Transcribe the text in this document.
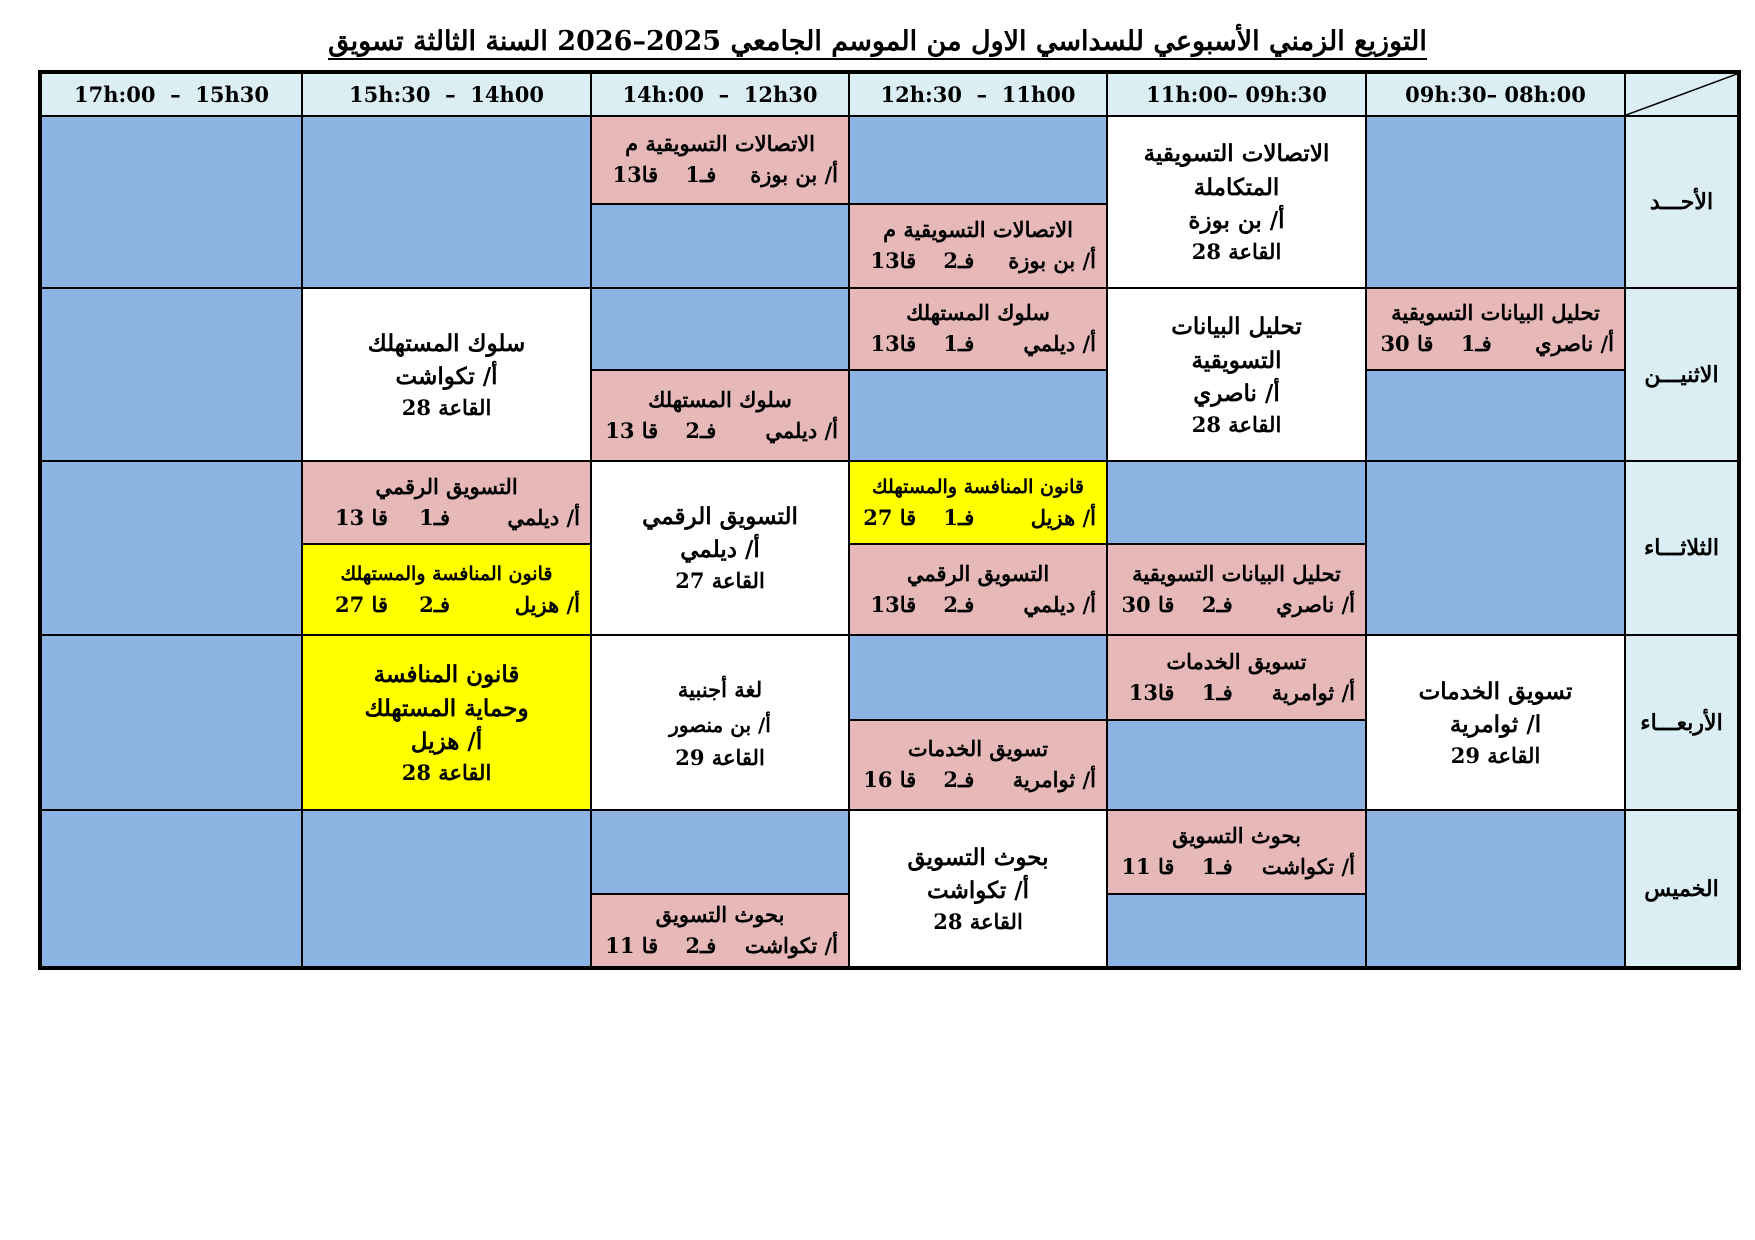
التوزيع الزمني الأسبوعي للسداسي الاول من الموسم الجامعي 2025–2026 السنة الثالثة تسويق
09h:30– 08h:00
11h:00– 09h:30
12h:30  –  11h00
14h:00  –  12h30
15h:30  –  14h00
17h:00  –  15h30
الأحـــد
الاثنيـــن
الثلاثـــاء
الأربعـــاء
الخميس
الاتصالات التسويقية المتكاملة
أ/ بن بوزة
القاعة 28
الاتصالات التسويقية م
أ/ بن بوزة
فـ2
قا13
الاتصالات التسويقية م
أ/ بن بوزة
فـ1
قا13
تحليل البيانات التسويقية
أ/ ناصري
فـ1
قا 30
تحليل البيانات التسويقية
أ/ ناصري
القاعة 28
سلوك المستهلك
أ/ ديلمي
فـ1
قا13
سلوك المستهلك
أ/ ديلمي
فـ2
قا 13
سلوك المستهلك
أ/ تكواشت
القاعة 28
تحليل البيانات التسويقية
أ/ ناصري
فـ2
قا 30
قانون المنافسة والمستهلك
أ/ هزيل
فـ1
قا 27
التسويق الرقمي
أ/ ديلمي
فـ2
قا13
التسويق الرقمي
أ/ ديلمي
القاعة 27
التسويق الرقمي
أ/ ديلمي
فـ1
قا 13
قانون المنافسة والمستهلك
أ/ هزيل
فـ2
قا 27
تسويق الخدمات
ا/ ثوامرية
القاعة 29
تسويق الخدمات
أ/ ثوامرية
فـ1
قا13
تسويق الخدمات
أ/ ثوامرية
فـ2
قا 16
لغة أجنبية
أ/ بن منصور
القاعة 29
قانون المنافسة وحماية المستهلك
أ/ هزيل
القاعة 28
بحوث التسويق
أ/ تكواشت
فـ1
قا 11
بحوث التسويق
أ/ تكواشت
القاعة 28
بحوث التسويق
أ/ تكواشت
فـ2
قا 11
